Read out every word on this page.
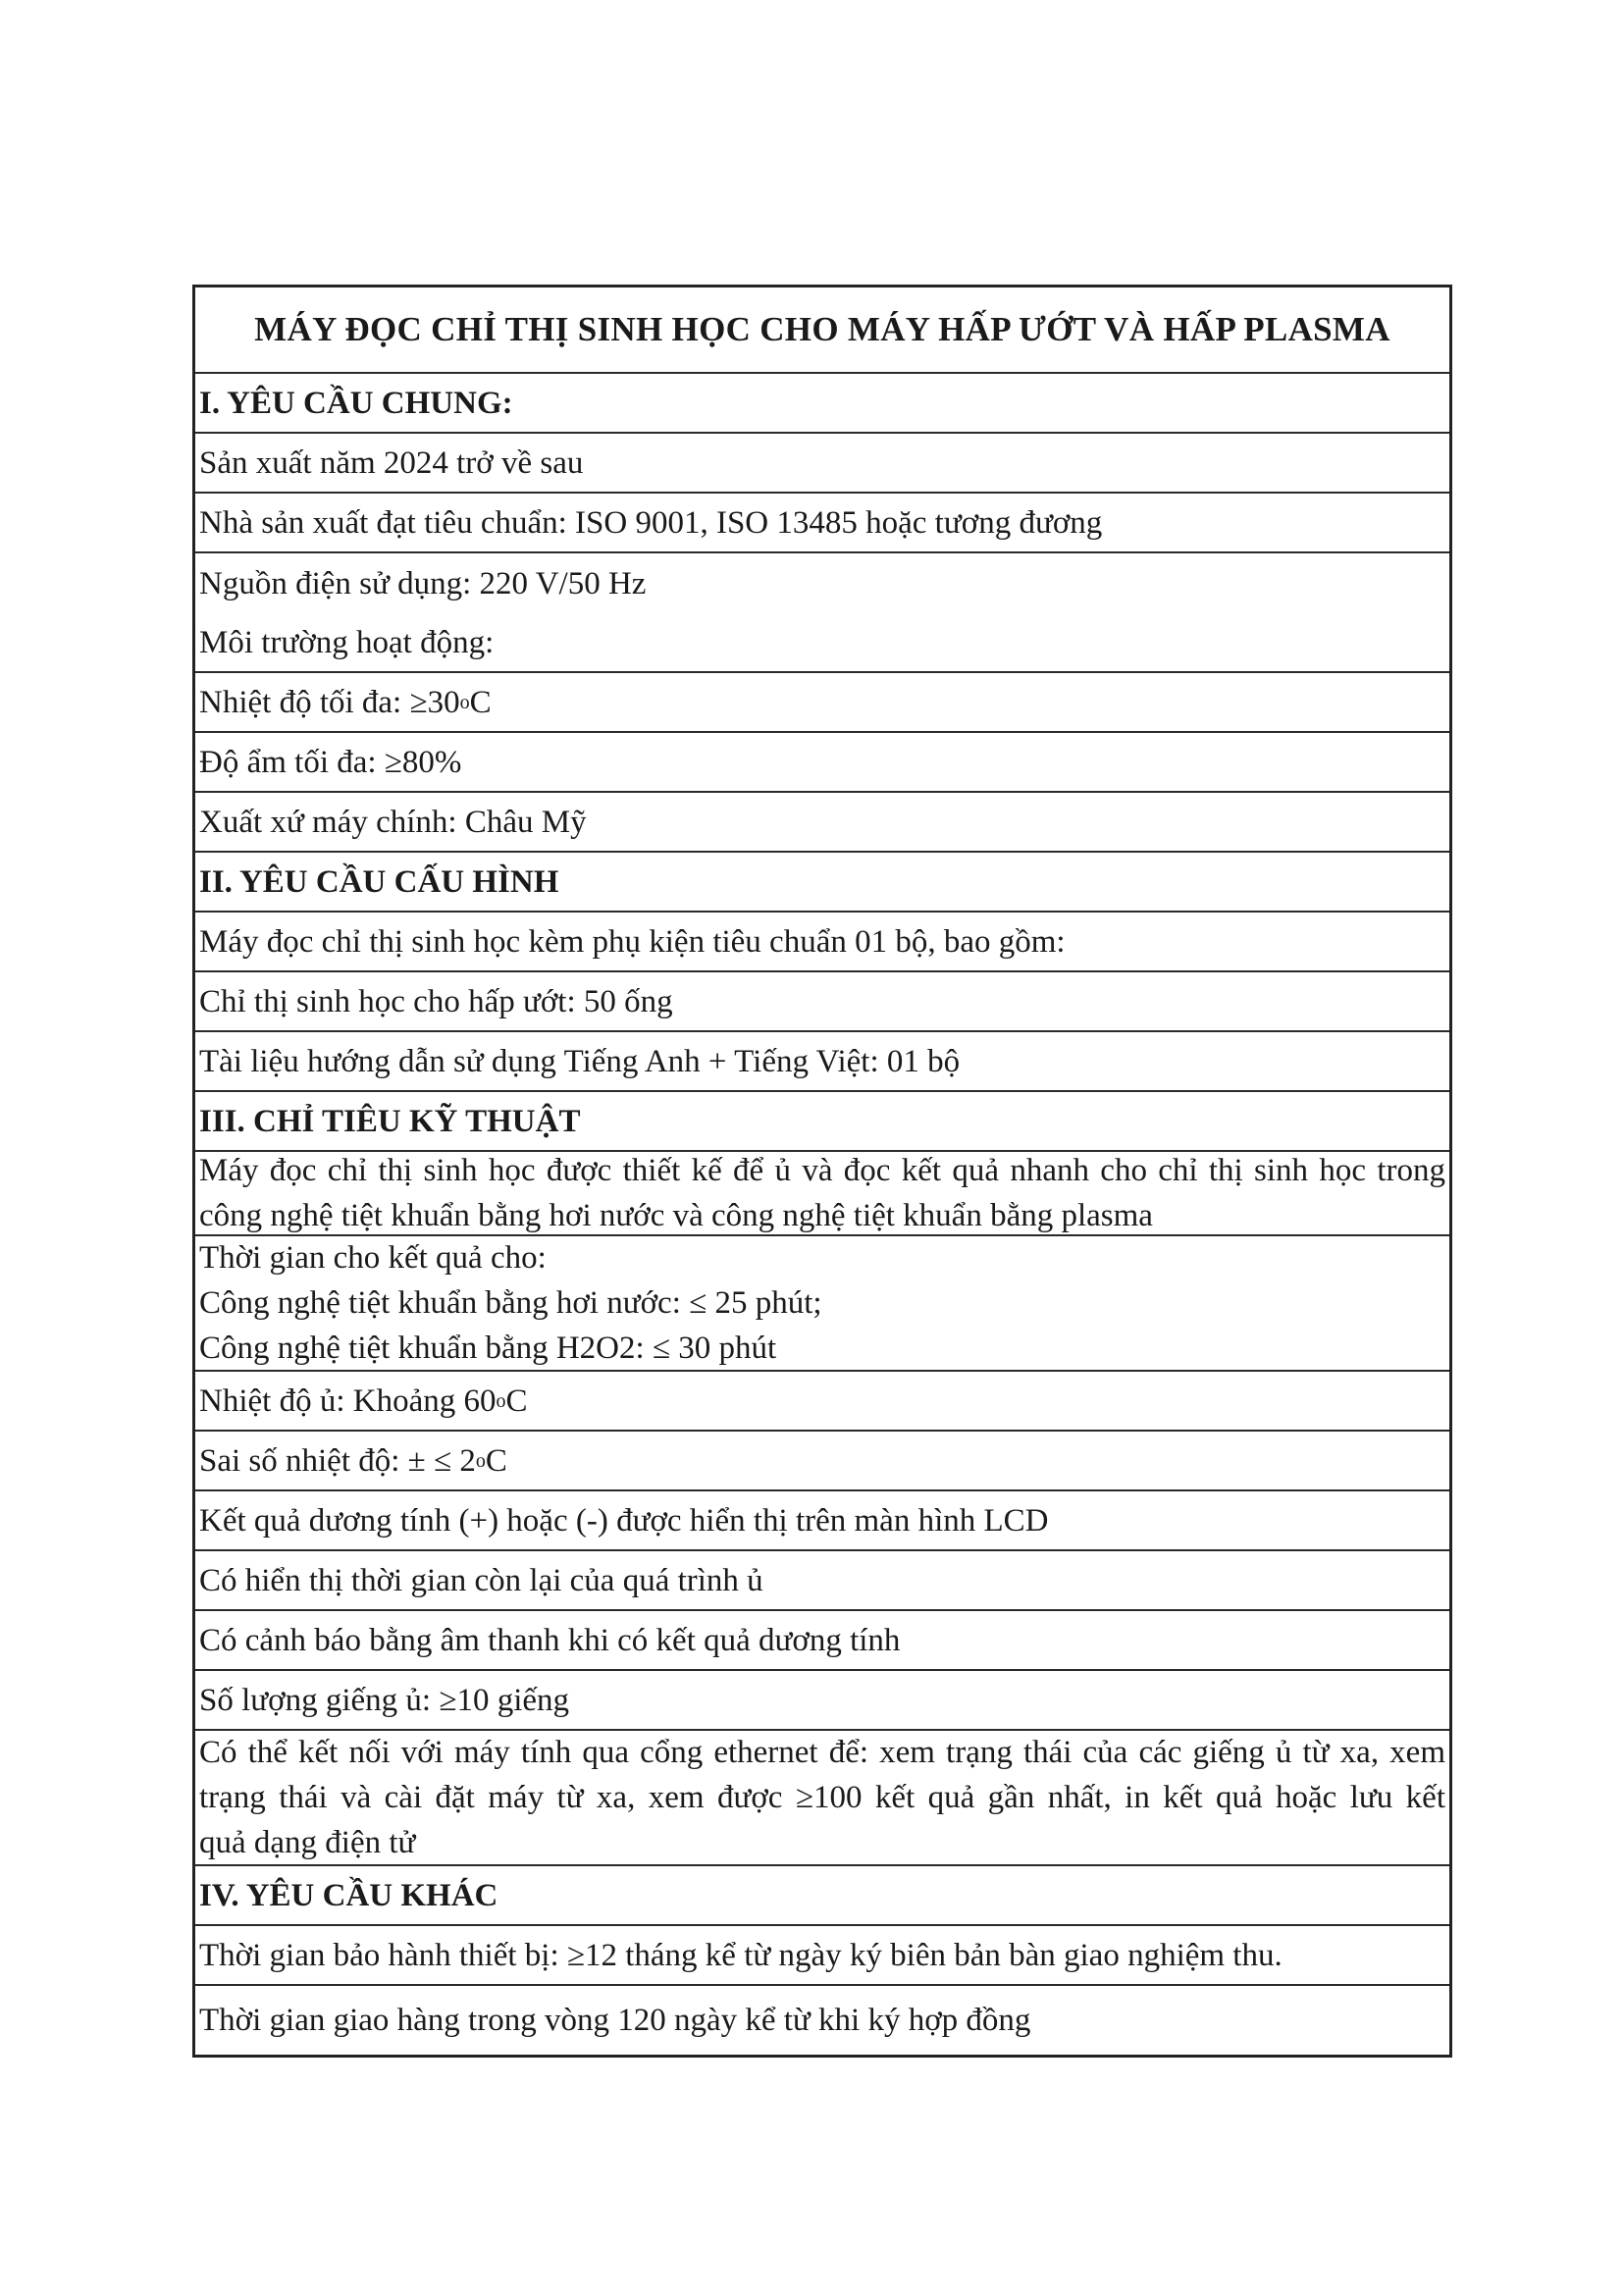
MÁY ĐỌC CHỈ THỊ SINH HỌC CHO MÁY HẤP ƯỚT VÀ HẤP PLASMA
I. YÊU CẦU CHUNG:
Sản xuất năm 2024 trở về sau
Nhà sản xuất đạt tiêu chuẩn: ISO 9001, ISO 13485 hoặc tương đương
Nguồn điện sử dụng: 220 V/50 Hz
Môi trường hoạt động:
Nhiệt độ tối đa: ≥30 o C
Độ ẩm tối đa: ≥80%
Xuất xứ máy chính: Châu Mỹ
II. YÊU CẦU CẤU HÌNH
Máy đọc chỉ thị sinh học kèm phụ kiện tiêu chuẩn 01 bộ, bao gồm:
Chỉ thị sinh học cho hấp ướt: 50 ống
Tài liệu hướng dẫn sử dụng Tiếng Anh + Tiếng Việt: 01 bộ
III. CHỈ TIÊU KỸ THUẬT
Máy đọc chỉ thị sinh học được thiết kế để ủ và đọc kết quả nhanh cho chỉ thị sinh học trong
công nghệ tiệt khuẩn bằng hơi nước và công nghệ tiệt khuẩn bằng plasma
Thời gian cho kết quả cho:
Công nghệ tiệt khuẩn bằng hơi nước: ≤ 25 phút;
Công nghệ tiệt khuẩn bằng H2O2: ≤ 30 phút
Nhiệt độ ủ: Khoảng 60 o C
Sai số nhiệt độ: ± ≤ 2 o C
Kết quả dương tính (+) hoặc (-) được hiển thị trên màn hình LCD
Có hiển thị thời gian còn lại của quá trình ủ
Có cảnh báo bằng âm thanh khi có kết quả dương tính
Số lượng giếng ủ: ≥10 giếng
Có thể kết nối với máy tính qua cổng ethernet để: xem trạng thái của các giếng ủ từ xa, xem
trạng thái và cài đặt máy từ xa, xem được ≥100 kết quả gần nhất, in kết quả hoặc lưu kết
quả dạng điện tử
IV. YÊU CẦU KHÁC
Thời gian bảo hành thiết bị: ≥12 tháng kể từ ngày ký biên bản bàn giao nghiệm thu.
Thời gian giao hàng trong vòng 120 ngày kể từ khi ký hợp đồng
